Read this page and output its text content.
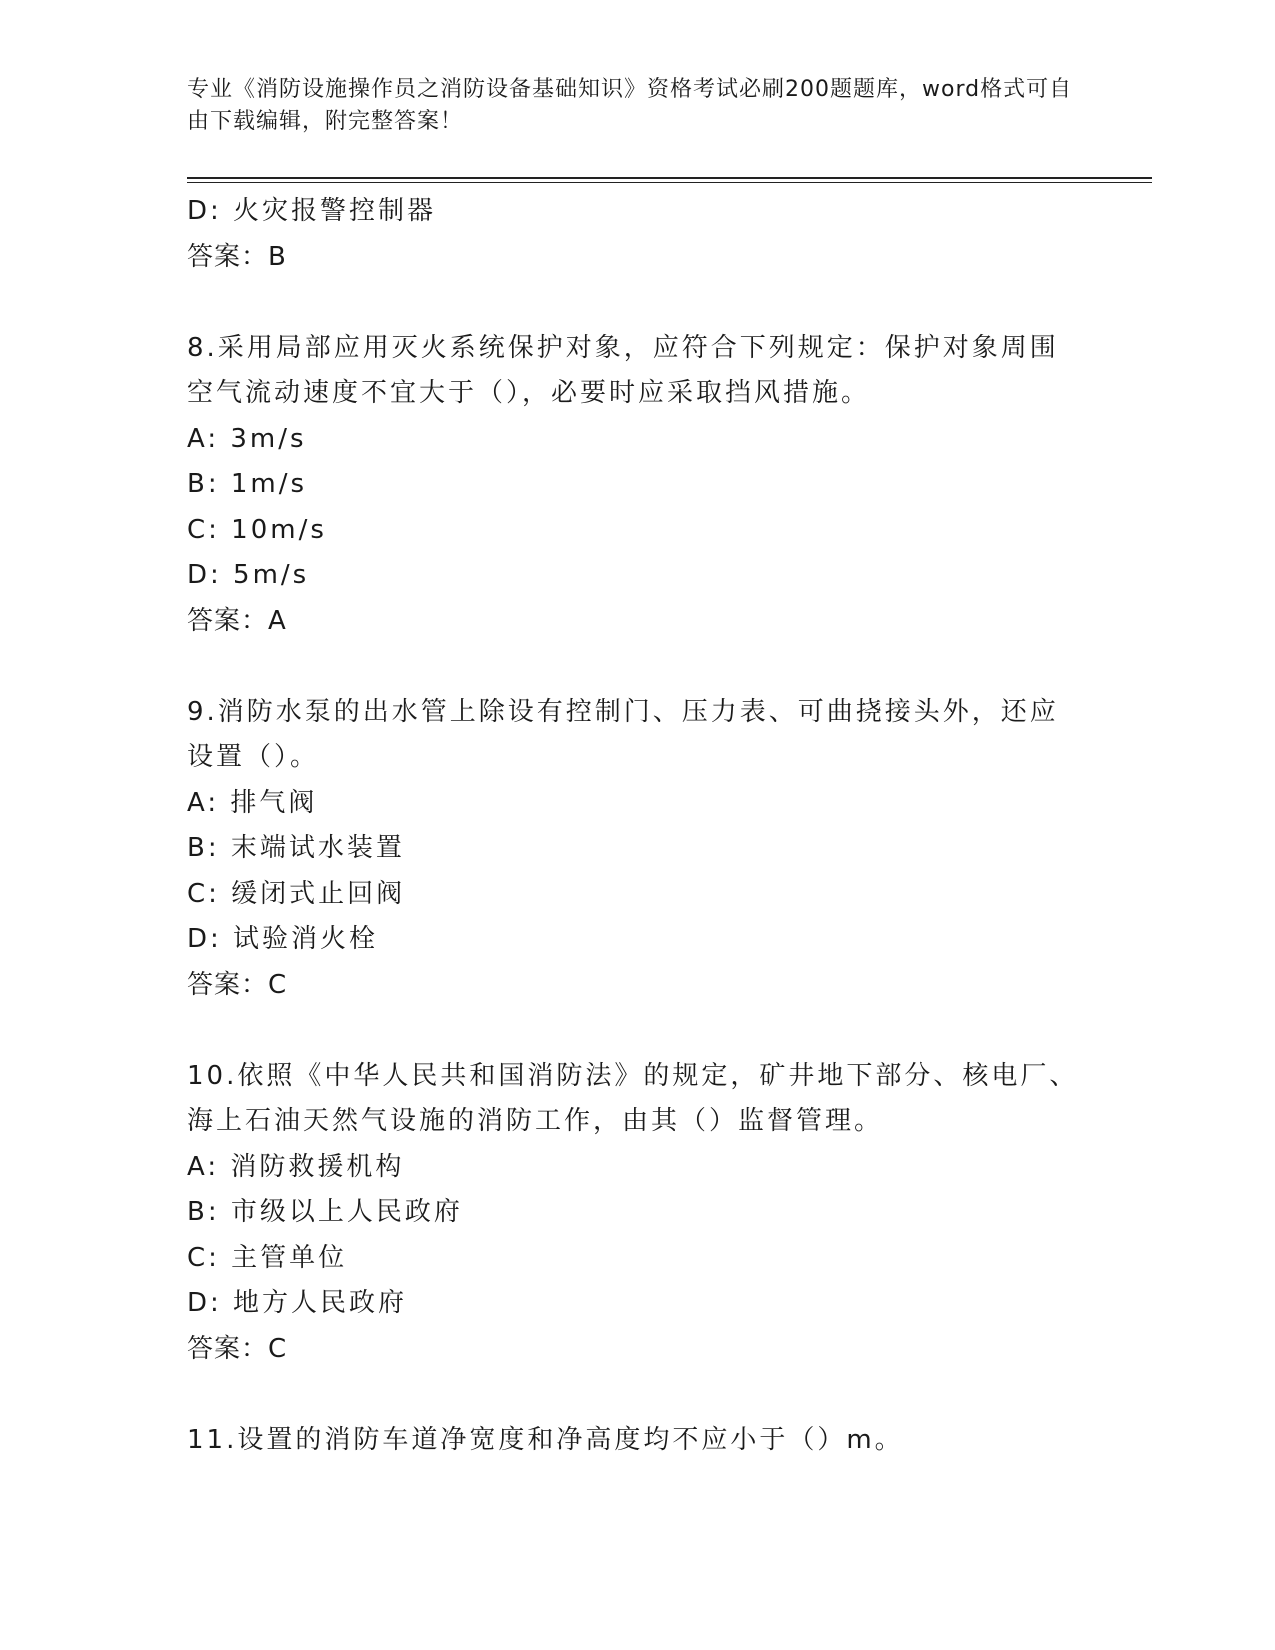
专业《消防设施操作员之消防设备基础知识》资格考试必刷200题题库，word格式可自由下载编辑，附完整答案！
D: 火灾报警控制器
答案：B
8.采用局部应用灭火系统保护对象，应符合下列规定：保护对象周围
空气流动速度不宜大于（），必要时应采取挡风措施。
A: 3m/s
B: 1m/s
C: 10m/s
D: 5m/s
答案：A
9.消防水泵的出水管上除设有控制门、压力表、可曲挠接头外，还应
设置（）。
A: 排气阀
B: 末端试水装置
C: 缓闭式止回阀
D: 试验消火栓
答案：C
10.依照《中华人民共和国消防法》的规定，矿井地下部分、核电厂、
海上石油天然气设施的消防工作，由其（）监督管理。
A: 消防救援机构
B: 市级以上人民政府
C: 主管单位
D: 地方人民政府
答案：C
11.设置的消防车道净宽度和净高度均不应小于（）m。
